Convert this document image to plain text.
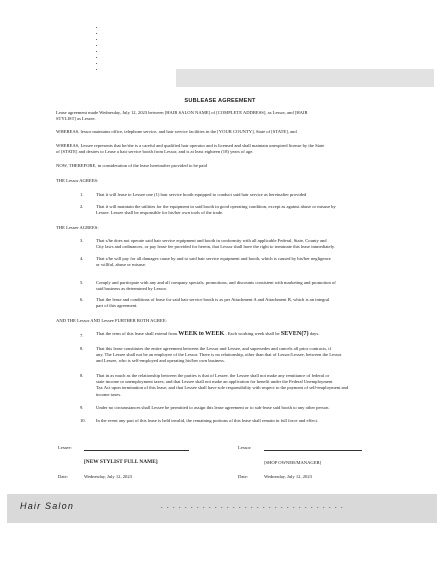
SUBLEASE AGREEMENT
Lease agreement made Wednesday, July 12, 2023 between [HAIR SALON NAME] of [COMPLETE ADDRESS], as Lessor, and [HAIR
STYLIST] as Lessee.
WHEREAS, lessor maintains office, telephone service, and hair service facilities in the [YOUR COUNTY], State of [STATE], and
WHEREAS, Lessee represents that he/she is a careful and qualified hair operator and is licensed and shall maintain unexpired license by the State
of [STATE] and desires to Lease a hair service booth from Lessor, and is at least eighteen (18) years of age.
NOW, THEREFORE, in consideration of the lease hereinafter provided to be paid
THE Lessor AGREES:
1.	That it will lease to Lessee one (1) hair service booth equipped to conduct said hair service as hereinafter provided
2.	That it will maintain the utilities for the equipment in said booth in good operating condition, except as against abuse or misuse by
Lessee. Lessee shall be responsible for his/her own tools of the trade.
THE Lessee AGREES:
3.	That s/he does not operate said hair service equipment and booth in conformity with all applicable Federal, State, County and
City laws and ordinances, or pay lease fee provided for herein, that Lessor shall have the right to terminate this lease immediately.
4.	That s/he will pay for all damages cause by and to said hair service equipment and booth, which is caused by his/her negligence
or willful, abuse or misuse.
5.	Comply and participate with any and all company specials, promotions, and discounts consistent with marketing and promotion of
said business as determined by Lessor.
6.	That the lease and conditions of lease for said hair service booth is as per Attachment A and Attachment B, which is an integral
part of this agreement.
AND THE Lessor AND Lessee FURTHER BOTH AGREE:
7.	That the term of this lease shall extend from WEEK to WEEK . Each working week shall be SEVEN(7) days.
8.	That this lease constitutes the entire agreement between the Lessor and Lessee, and supersedes and cancels all prior contracts, if
any. The Lessee shall not be an employee of the Lessor. There is no relationship, other than that of Lessor/Lessee, between the Lessor
and Lessee, who is self-employed and operating his/her own business.
8.	That in as much as the relationship between the parties is that of Lessee, the Lessee shall not make any remittance of federal or
state income or unemployment taxes; and that Lessee shall not make an application for benefit under the Federal Unemployment
Tax Act upon termination of this lease; and that Lessee shall have sole responsibility with respect to the payment of self-employment and
income taxes.
9.	Under no circumstances shall Lessee be permitted to assign this lease agreement or to sub-lease said booth to any other person.
10. In the event any part of this lease is held invalid, the remaining portions of this lease shall remain in full force and effect.
Lessee:
[NEW STYLIST FULL NAME]
Date:	Wednesday, July 12, 2023
Lessor:
[SHOP OWNER/MANAGER]
Date:	Wednesday, July 12, 2023
Hair Salon	...............................
